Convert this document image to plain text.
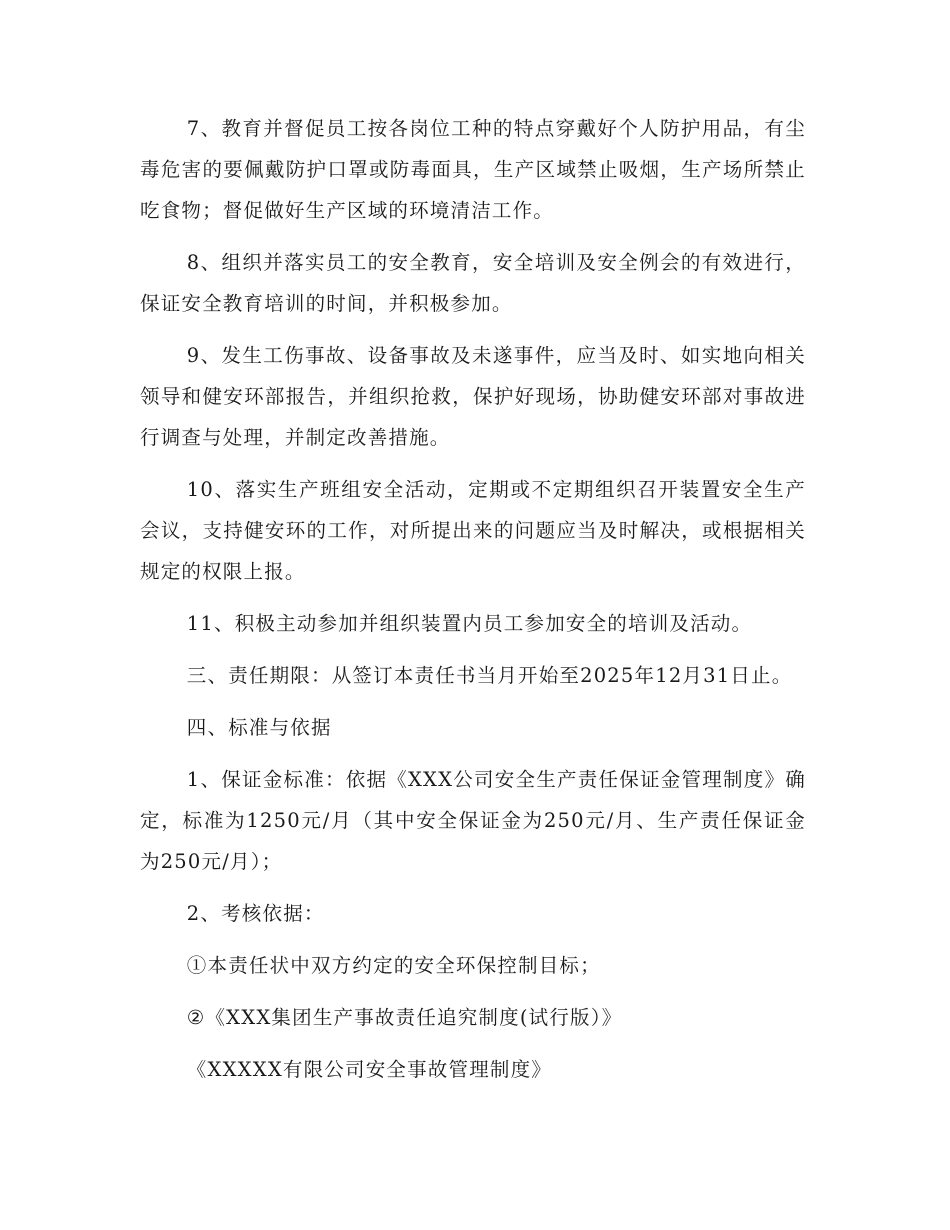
7、教育并督促员工按各岗位工种的特点穿戴好个人防护用品，有尘毒危害的要佩戴防护口罩或防毒面具，生产区域禁止吸烟，生产场所禁止吃食物；督促做好生产区域的环境清洁工作。

8、组织并落实员工的安全教育，安全培训及安全例会的有效进行，保证安全教育培训的时间，并积极参加。

9、发生工伤事故、设备事故及未遂事件，应当及时、如实地向相关领导和健安环部报告，并组织抢救，保护好现场，协助健安环部对事故进行调查与处理，并制定改善措施。

10、落实生产班组安全活动，定期或不定期组织召开装置安全生产会议，支持健安环的工作，对所提出来的问题应当及时解决，或根据相关规定的权限上报。

11、积极主动参加并组织装置内员工参加安全的培训及活动。

三、责任期限：从签订本责任书当月开始至2025年12月31日止。

四、标准与依据

1、保证金标准：依据《XXX公司安全生产责任保证金管理制度》确定，标准为1250元/月（其中安全保证金为250元/月、生产责任保证金为250元/月）；

2、考核依据：

①本责任状中双方约定的安全环保控制目标；

②《XXX集团生产事故责任追究制度(试行版）》

《XXXXX有限公司安全事故管理制度》
